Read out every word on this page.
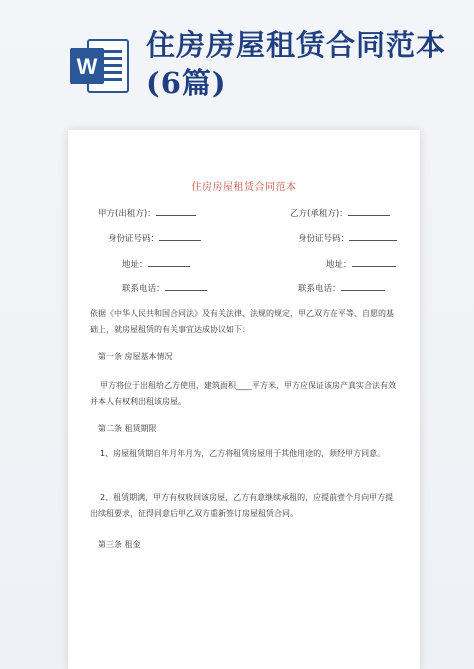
W
住房房屋租赁合同范本(6篇)
住房房屋租赁合同范本
甲方(出租方)：	乙方(承租方)：
身份证号码：	身份证号码：
地址：	地址：
联系电话：	联系电话：
依据《中华人民共和国合同法》及有关法律、法规的规定，甲乙双方在平等、自愿的基础上，就房屋租赁的有关事宜达成协议如下：
第一条 房屋基本情况
甲方将位于出租给乙方使用，建筑面积____平方米，甲方应保证该房产真实合法有效并本人有权利出租该房屋。
第二条 租赁期限
1、房屋租赁期自年月年月为，乙方将租赁房屋用于其他用途的，须经甲方同意。
2、租赁期满，甲方有权收回该房屋，乙方有意继续承租的，应提前壹个月向甲方提出续租要求，征得同意后甲乙双方重新签订房屋租赁合同。
第三条 租金
